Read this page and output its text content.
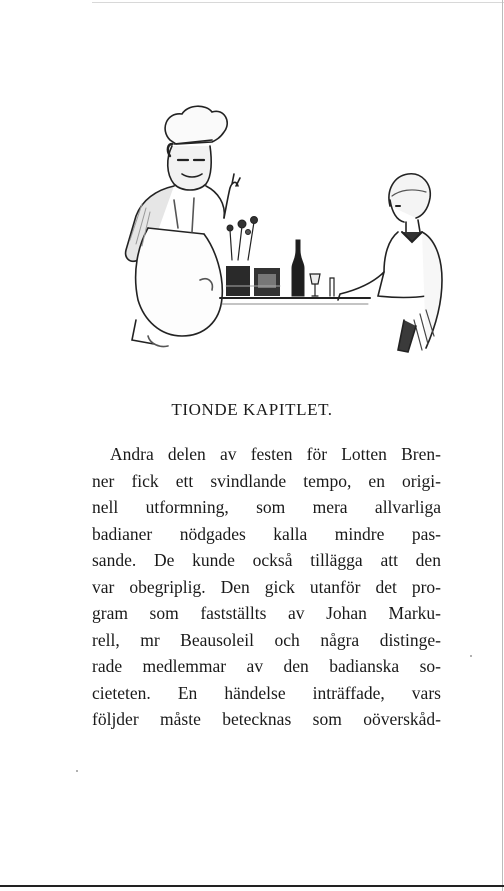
TIONDE KAPITLET.
Andra delen av festen för Lotten Bren-
ner fick ett svindlande tempo, en origi-
nell utformning, som mera allvarliga
badianer nödgades kalla mindre pas-
sande. De kunde också tillägga att den
var obegriplig. Den gick utanför det pro-
gram som fastställts av Johan Marku-
rell, mr Beausoleil och några distinge-
rade medlemmar av den badianska so-
cieteten. En händelse inträffade, vars
följder måste betecknas som oöverskåd-
